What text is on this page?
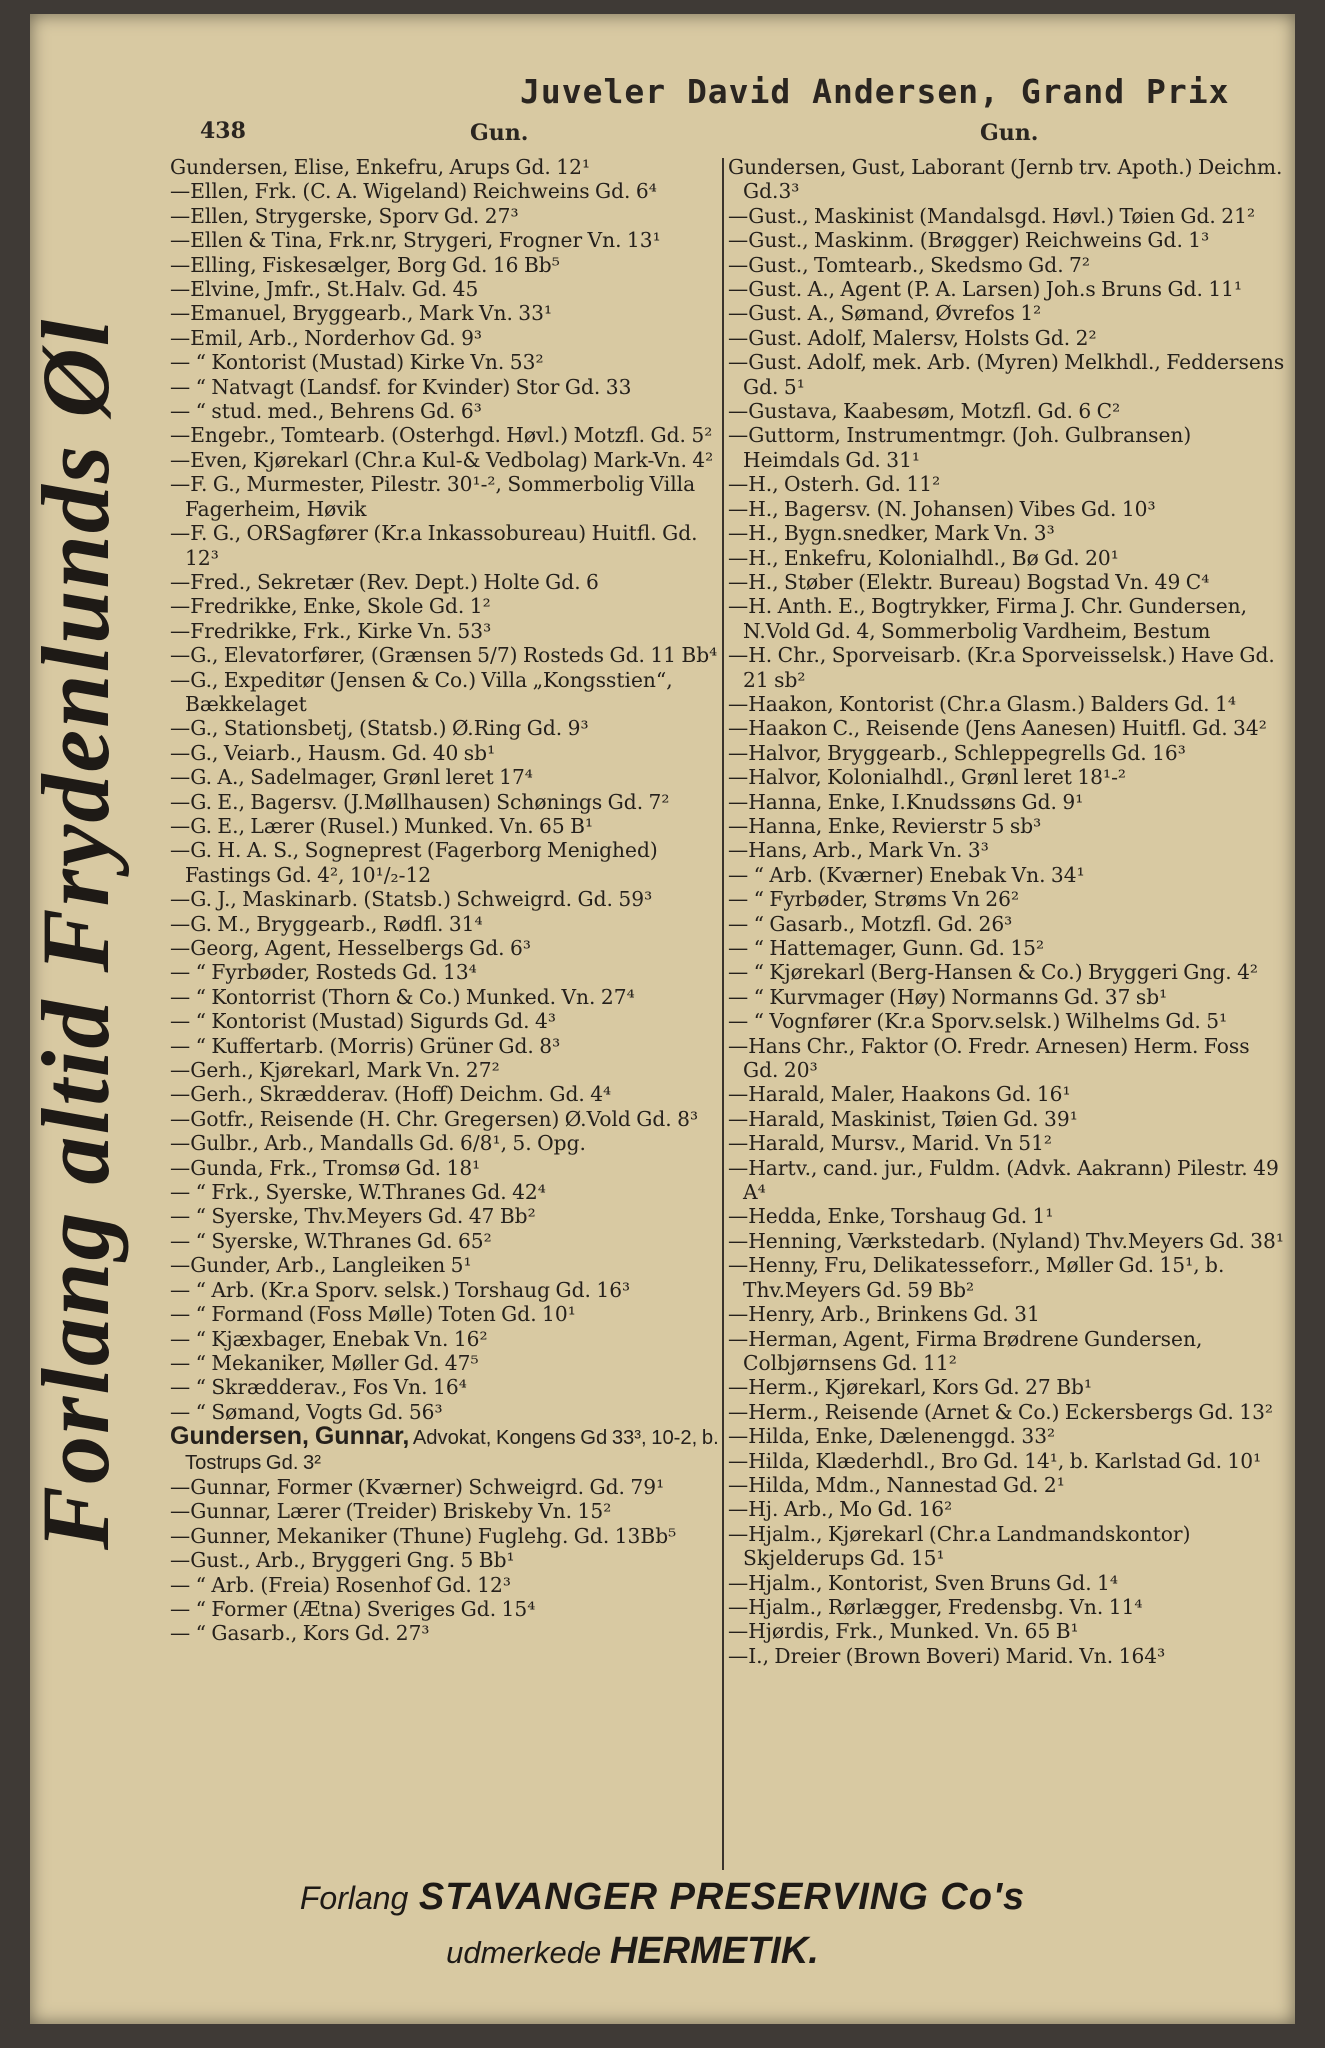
Juveler David Andersen, Grand Prix
438	Gun.	Gun.
Forlang altid Frydenlunds Øl
Gundersen, Elise, Enkefru, Arups Gd. 12¹
—Ellen, Frk. (C. A. Wigeland) Reichweins Gd. 6⁴
—Ellen, Strygerske, Sporv Gd. 27³
—Ellen & Tina, Frk.nr, Strygeri, Frogner Vn. 13¹
—Elling, Fiskesælger, Borg Gd. 16 Bb⁵
—Elvine, Jmfr., St.Halv. Gd. 45
—Emanuel, Bryggearb., Mark Vn. 33¹
—Emil, Arb., Norderhov Gd. 9³
— “ Kontorist (Mustad) Kirke Vn. 53²
— “ Natvagt (Landsf. for Kvinder) Stor Gd. 33
— “ stud. med., Behrens Gd. 6³
—Engebr., Tomtearb. (Osterhgd. Høvl.) Motzfl. Gd. 5²
—Even, Kjørekarl (Chr.a Kul-& Vedbolag) Mark-Vn. 4²
—F. G., Murmester, Pilestr. 30¹-², Sommerbolig Villa Fagerheim, Høvik
—F. G., ORSagfører (Kr.a Inkassobureau) Huitfl. Gd. 12³
—Fred., Sekretær (Rev. Dept.) Holte Gd. 6
—Fredrikke, Enke, Skole Gd. 1²
—Fredrikke, Frk., Kirke Vn. 53³
—G., Elevatorfører, (Grænsen 5/7) Rosteds Gd. 11 Bb⁴
—G., Expeditør (Jensen & Co.) Villa „Kongsstien“, Bækkelaget
—G., Stationsbetj, (Statsb.) Ø.Ring Gd. 9³
—G., Veiarb., Hausm. Gd. 40 sb¹
—G. A., Sadelmager, Grønl leret 17⁴
—G. E., Bagersv. (J.Møllhausen) Schønings Gd. 7²
—G. E., Lærer (Rusel.) Munked. Vn. 65 B¹
—G. H. A. S., Sogneprest (Fagerborg Menighed) Fastings Gd. 4², 10¹/₂-12
—G. J., Maskinarb. (Statsb.) Schweigrd. Gd. 59³
—G. M., Bryggearb., Rødfl. 31⁴
—Georg, Agent, Hesselbergs Gd. 6³
— “ Fyrbøder, Rosteds Gd. 13⁴
— “ Kontorrist (Thorn & Co.) Munked. Vn. 27⁴
— “ Kontorist (Mustad) Sigurds Gd. 4³
— “ Kuffertarb. (Morris) Grüner Gd. 8³
—Gerh., Kjørekarl, Mark Vn. 27²
—Gerh., Skrædderav. (Hoff) Deichm. Gd. 4⁴
—Gotfr., Reisende (H. Chr. Gregersen) Ø.Vold Gd. 8³
—Gulbr., Arb., Mandalls Gd. 6/8¹, 5. Opg.
—Gunda, Frk., Tromsø Gd. 18¹
— “ Frk., Syerske, W.Thranes Gd. 42⁴
— “ Syerske, Thv.Meyers Gd. 47 Bb²
— “ Syerske, W.Thranes Gd. 65²
—Gunder, Arb., Langleiken 5¹
— “ Arb. (Kr.a Sporv. selsk.) Torshaug Gd. 16³
— “ Formand (Foss Mølle) Toten Gd. 10¹
— “ Kjæxbager, Enebak Vn. 16²
— “ Mekaniker, Møller Gd. 47⁵
— “ Skrædderav., Fos Vn. 16⁴
— “ Sømand, Vogts Gd. 56³
Gundersen, Gunnar, Advokat, Kongens Gd 33³, 10-2, b. Tostrups Gd. 3²
—Gunnar, Former (Kværner) Schweigrd. Gd. 79¹
—Gunnar, Lærer (Treider) Briskeby Vn. 15²
—Gunner, Mekaniker (Thune) Fuglehg. Gd. 13Bb⁵
—Gust., Arb., Bryggeri Gng. 5 Bb¹
— “ Arb. (Freia) Rosenhof Gd. 12³
— “ Former (Ætna) Sveriges Gd. 15⁴
— “ Gasarb., Kors Gd. 27³
Gundersen, Gust, Laborant (Jernb trv. Apoth.) Deichm. Gd.3³
—Gust., Maskinist (Mandalsgd. Høvl.) Tøien Gd. 21²
—Gust., Maskinm. (Brøgger) Reichweins Gd. 1³
—Gust., Tomtearb., Skedsmo Gd. 7²
—Gust. A., Agent (P. A. Larsen) Joh.s Bruns Gd. 11¹
—Gust. A., Sømand, Øvrefos 1²
—Gust. Adolf, Malersv, Holsts Gd. 2²
—Gust. Adolf, mek. Arb. (Myren) Melkhdl., Feddersens Gd. 5¹
—Gustava, Kaabesøm, Motzfl. Gd. 6 C²
—Guttorm, Instrumentmgr. (Joh. Gulbransen) Heimdals Gd. 31¹
—H., Osterh. Gd. 11²
—H., Bagersv. (N. Johansen) Vibes Gd. 10³
—H., Bygn.snedker, Mark Vn. 3³
—H., Enkefru, Kolonialhdl., Bø Gd. 20¹
—H., Støber (Elektr. Bureau) Bogstad Vn. 49 C⁴
—H. Anth. E., Bogtrykker, Firma J. Chr. Gundersen, N.Vold Gd. 4, Sommerbolig Vardheim, Bestum
—H. Chr., Sporveisarb. (Kr.a Sporveisselsk.) Have Gd. 21 sb²
—Haakon, Kontorist (Chr.a Glasm.) Balders Gd. 1⁴
—Haakon C., Reisende (Jens Aanesen) Huitfl. Gd. 34²
—Halvor, Bryggearb., Schleppegrells Gd. 16³
—Halvor, Kolonialhdl., Grønl leret 18¹-²
—Hanna, Enke, I.Knudssøns Gd. 9¹
—Hanna, Enke, Revierstr 5 sb³
—Hans, Arb., Mark Vn. 3³
— “ Arb. (Kværner) Enebak Vn. 34¹
— “ Fyrbøder, Strøms Vn 26²
— “ Gasarb., Motzfl. Gd. 26³
— “ Hattemager, Gunn. Gd. 15²
— “ Kjørekarl (Berg-Hansen & Co.) Bryggeri Gng. 4²
— “ Kurvmager (Høy) Normanns Gd. 37 sb¹
— “ Vognfører (Kr.a Sporv.selsk.) Wilhelms Gd. 5¹
—Hans Chr., Faktor (O. Fredr. Arnesen) Herm. Foss Gd. 20³
—Harald, Maler, Haakons Gd. 16¹
—Harald, Maskinist, Tøien Gd. 39¹
—Harald, Mursv., Marid. Vn 51²
—Hartv., cand. jur., Fuldm. (Advk. Aakrann) Pilestr. 49 A⁴
—Hedda, Enke, Torshaug Gd. 1¹
—Henning, Værkstedarb. (Nyland) Thv.Meyers Gd. 38¹
—Henny, Fru, Delikatesseforr., Møller Gd. 15¹, b. Thv.Meyers Gd. 59 Bb²
—Henry, Arb., Brinkens Gd. 31
—Herman, Agent, Firma Brødrene Gundersen, Colbjørnsens Gd. 11²
—Herm., Kjørekarl, Kors Gd. 27 Bb¹
—Herm., Reisende (Arnet & Co.) Eckersbergs Gd. 13²
—Hilda, Enke, Dælenenggd. 33²
—Hilda, Klæderhdl., Bro Gd. 14¹, b. Karlstad Gd. 10¹
—Hilda, Mdm., Nannestad Gd. 2¹
—Hj. Arb., Mo Gd. 16²
—Hjalm., Kjørekarl (Chr.a Landmandskontor) Skjelderups Gd. 15¹
—Hjalm., Kontorist, Sven Bruns Gd. 1⁴
—Hjalm., Rørlægger, Fredensbg. Vn. 11⁴
—Hjørdis, Frk., Munked. Vn. 65 B¹
—I., Dreier (Brown Boveri) Marid. Vn. 164³
Forlang STAVANGER PRESERVING Co's
udmerkede HERMETIK.
